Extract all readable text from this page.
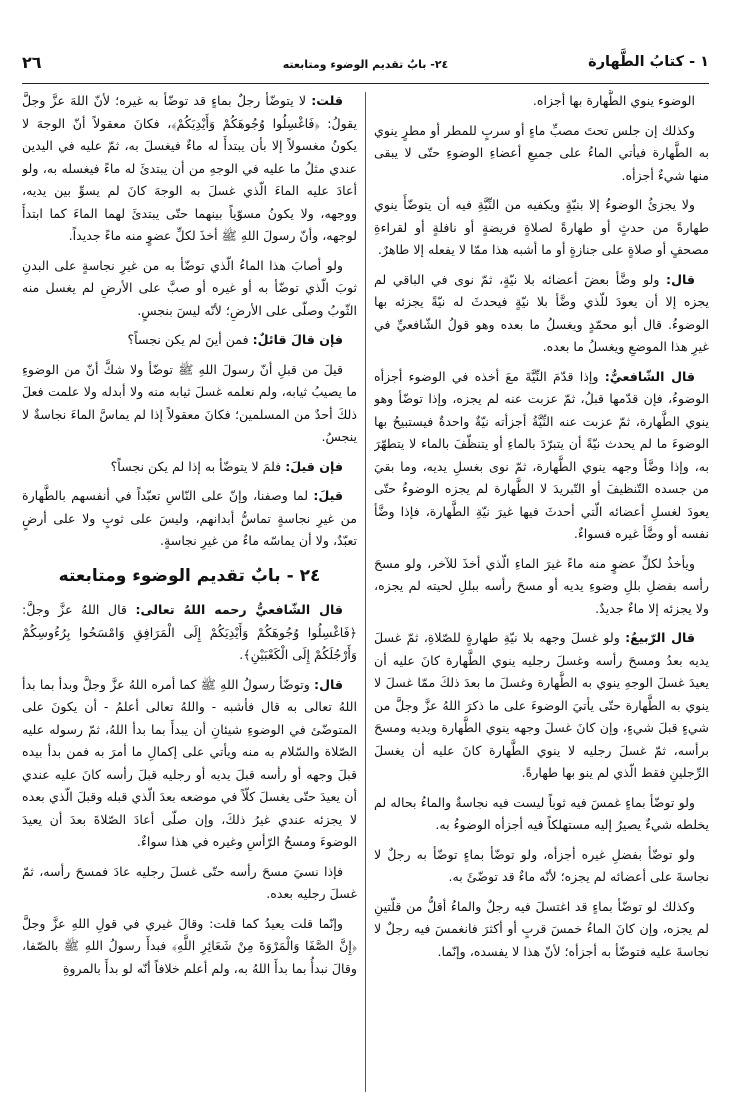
١ - كتابُ الطَّهارة
٢٤- بابٌ تقديم الوضوء ومتابعته
٢٦

الوضوء ينوي الطَّهارة بها أجزاه.

وكذلك إن جلس تحتَ مصبِّ ماءٍ أو سربٍ للمطر أو مطرٍ ينوي به الطَّهارة فيأتي الماءُ على جميعِ أعضاءِ الوضوءِ حتّى لا يبقى منها شيءٌ أجزأه.

ولا يجزئُ الوضوءُ إلا بنيّةٍ ويكفيه من النِّيَّةِ فيه أن يتوضّأَ ينوي طهارةً من حدثٍ أو طهارةً لصلاةٍ فريضةٍ أو نافلةٍ أو لقراءةِ مصحفٍ أو صلاةٍ على جنازةٍ أو ما أشبه هذا ممّا لا يفعله إلا طاهرٌ.

قال: ولو وضَّأ بعضَ أعضائه بلا نيّةٍ، ثمّ نوى في الباقي لم يجزه إلا أن يعودَ للّذي وضَّأ بلا نيّةٍ فيحدثَ له نيّةً يجزئه بها الوضوءُ. قال أبو محمّدٍ ويغسلُ ما بعده وهو قولُ الشّافعيِّ في غيرِ هذا الموضعِ ويغسلُ ما بعده.

قال الشّافعيُّ: وإذا قدّمَ النِّيَّةَ معَ أخذه في الوضوء أجزأه الوضوءُ، فإن قدّمها قبلُ، ثمّ عزبت عنه لم يجزه، وإذا توضّأ وهو ينوي الطَّهارة، ثمّ عزبت عنه النِّيَّةُ أجزأته نيّةٌ واحدةٌ فيستبيحُ بها الوضوءَ ما لم يحدث نيّةً أن يتبرّدَ بالماءِ أو يتنظّفَ بالماء لا يتطهّرَ به، وإذا وضَّأ وجهه ينوي الطَّهارة، ثمّ نوى بغسلِ يديه، وما بقيَ من جسده التّنظيفَ أو التّبريدَ لا الطَّهارة لم يجزه الوضوءُ حتّى يعودَ لغسلِ أعضائه الّتي أحدثَ فيها غيرَ نيّةِ الطَّهارة، فإذا وضَّأ نفسه أو وضَّأ غيره فسواءٌ.

ويأخذُ لكلِّ عضوٍ منه ماءً غيرَ الماءِ الّذي أخذَ للآخر، ولو مسحَ رأسه بفضلِ بللِ وضوءِ يديه أو مسحَ رأسه ببللِ لحيته لم يجزه، ولا يجزئه إلا ماءٌ جديدٌ.

قال الرّبيعُ: ولو غسلَ وجهه بلا نيّةِ طهارةٍ للصّلاةِ، ثمّ غسلَ يديه بعدُ ومسحَ رأسه وغسلَ رجليه ينوي الطَّهارة كانَ عليه أن يعيدَ غسلَ الوجهِ ينوي به الطَّهارة وغسلَ ما بعدَ ذلكَ ممّا غسلَ لا ينوي به الطَّهارة حتّى يأتيَ الوضوءَ على ما ذكرَ اللهُ عزَّ وجلَّ من شيءٍ قبلَ شيءٍ، وإن كانَ غسلَ وجهه ينوي الطَّهارة ويديه ومسحَ برأسه، ثمّ غسلَ رجليه لا ينوي الطَّهارة كانَ عليه أن يغسلَ الرِّجلينِ فقط الّذي لم ينو بها طهارةً.

ولو توضّأ بماءٍ غمسَ فيه ثوباً ليست فيه نجاسةٌ والماءُ بحاله لم يخلطه شيءٌ يصيرُ إليه مستهلكاً فيه أجزأه الوضوءُ به.

ولو توضّأ بفضلِ غيره أجزأه، ولو توضّأ بماءٍ توضّأ به رجلٌ لا نجاسةَ على أعضائه لم يجزه؛ لأنّه ماءٌ قد توضّئَ به.

وكذلك لو توضّأ بماءٍ قد اغتسلَ فيه رجلٌ والماءُ أقلُّ من قلّتينِ لم يجزه، وإن كانَ الماءُ خمسَ قربٍ أو أكثرَ فانغمسَ فيه رجلٌ لا نجاسةَ عليه فتوضّأ به أجزأه؛ لأنّ هذا لا يفسده، وإنّما.

قلت: لا يتوضّأ رجلٌ بماءٍ قد توضّأ به غيره؛ لأنّ اللهَ عزَّ وجلَّ يقولُ: ﴿فَاغْسِلُوا وُجُوهَكُمْ وَأَيْدِيَكُمْ﴾، فكانَ معقولاً أنّ الوجهَ لا يكونُ مغسولاً إلا بأن يبتدأَ له ماءٌ فيغسلَ به، ثمّ عليه في اليدين عندي مثلُ ما عليه في الوجهِ من أن يبتدئَ له ماءً فيغسله به، ولو أعادَ عليه الماءَ الّذي غسلَ به الوجهَ كانَ لم يسوِّ بين يديه، ووجهه، ولا يكونُ مسوّياً بينهما حتّى يبتدئَ لهما الماءَ كما ابتدأَ لوجهه، وأنّ رسولَ اللهِ ﷺ أخذَ لكلِّ عضوٍ منه ماءً جديداً.

ولو أصابَ هذا الماءُ الّذي توضّأ به من غيرِ نجاسةٍ على البدنِ ثوبَ الّذي توضّأ به أو غيره أو صبَّ على الأرضِ لم يغسل منه الثّوبُ وصلّى على الأرضِ؛ لأنّه ليسَ بنجسٍ.

فإن قالَ قائلٌ: فمن أينَ لم يكن نجساً؟

قيلَ من قبلِ أنّ رسولَ اللهِ ﷺ توضّأ ولا شكَّ أنّ من الوضوءِ ما يصيبُ ثيابه، ولم نعلمه غسلَ ثيابه منه ولا أبدله ولا علمت فعلَ ذلكَ أحدٌ من المسلمين؛ فكانَ معقولاً إذا لم يماسَّ الماءَ نجاسةٌ لا ينجسُ.

فإن قيلَ: فلمَ لا يتوضّأ به إذا لم يكن نجساً؟

قيلَ: لما وصفنا، وإنّ على النّاسِ تعبّداً في أنفسهم بالطَّهارة من غيرِ نجاسةٍ تماسُّ أبدانهم، وليسَ على ثوبٍ ولا على أرضٍ تعبّدٌ، ولا أن يماسّه ماءٌ من غيرِ نجاسةٍ.

٢٤ - بابٌ تقديم الوضوء ومتابعته

قال الشّافعيُّ رحمه اللهُ تعالى: قال اللهُ عزَّ وجلَّ: ﴿فَاغْسِلُوا وُجُوهَكُمْ وَأَيْدِيَكُمْ إِلَى الْمَرَافِقِ وَامْسَحُوا بِرُءُوسِكُمْ وَأَرْجُلَكُمْ إِلَى الْكَعْبَيْنِ﴾.

قال: وتوضّأ رسولُ اللهِ ﷺ كما أمره اللهُ عزَّ وجلَّ وبدأ بما بدأ اللهُ تعالى به قال فأشبه - واللهُ تعالى أعلمُ - أن يكونَ على المتوضّئ في الوضوءِ شيئانِ أن يبدأَ بما بدأ اللهُ، ثمّ رسوله عليه الصّلاة والسّلام به منه ويأتي على إكمالِ ما أمرَ به فمن بدأ بيده قبلَ وجهه أو رأسه قبلَ يديه أو رجليه قبلَ رأسه كانَ عليه عندي أن يعيدَ حتّى يغسلَ كلّاً في موضعه بعدَ الّذي قبله وقبلَ الّذي بعده لا يجزئه عندي غيرُ ذلكَ، وإن صلّى أعادَ الصّلاةَ بعدَ أن يعيدَ الوضوءَ ومسحُ الرّأسِ وغيره في هذا سواءٌ.

فإذا نسيَ مسحَ رأسه حتّى غسلَ رجليه عادَ فمسحَ رأسه، ثمّ غسلَ رجليه بعده.

وإنّما قلت يعيدُ كما قلت: وقالَ غيري في قولِ اللهِ عزَّ وجلَّ ﴿إِنَّ الصَّفَا وَالْمَرْوَةَ مِنْ شَعَائِرِ اللَّهِ﴾ فبدأَ رسولُ اللهِ ﷺ بالصّفا، وقالَ نبدأُ بما بدأَ اللهُ به، ولم أعلم خلافاً أنّه لو بدأَ بالمروةِ
